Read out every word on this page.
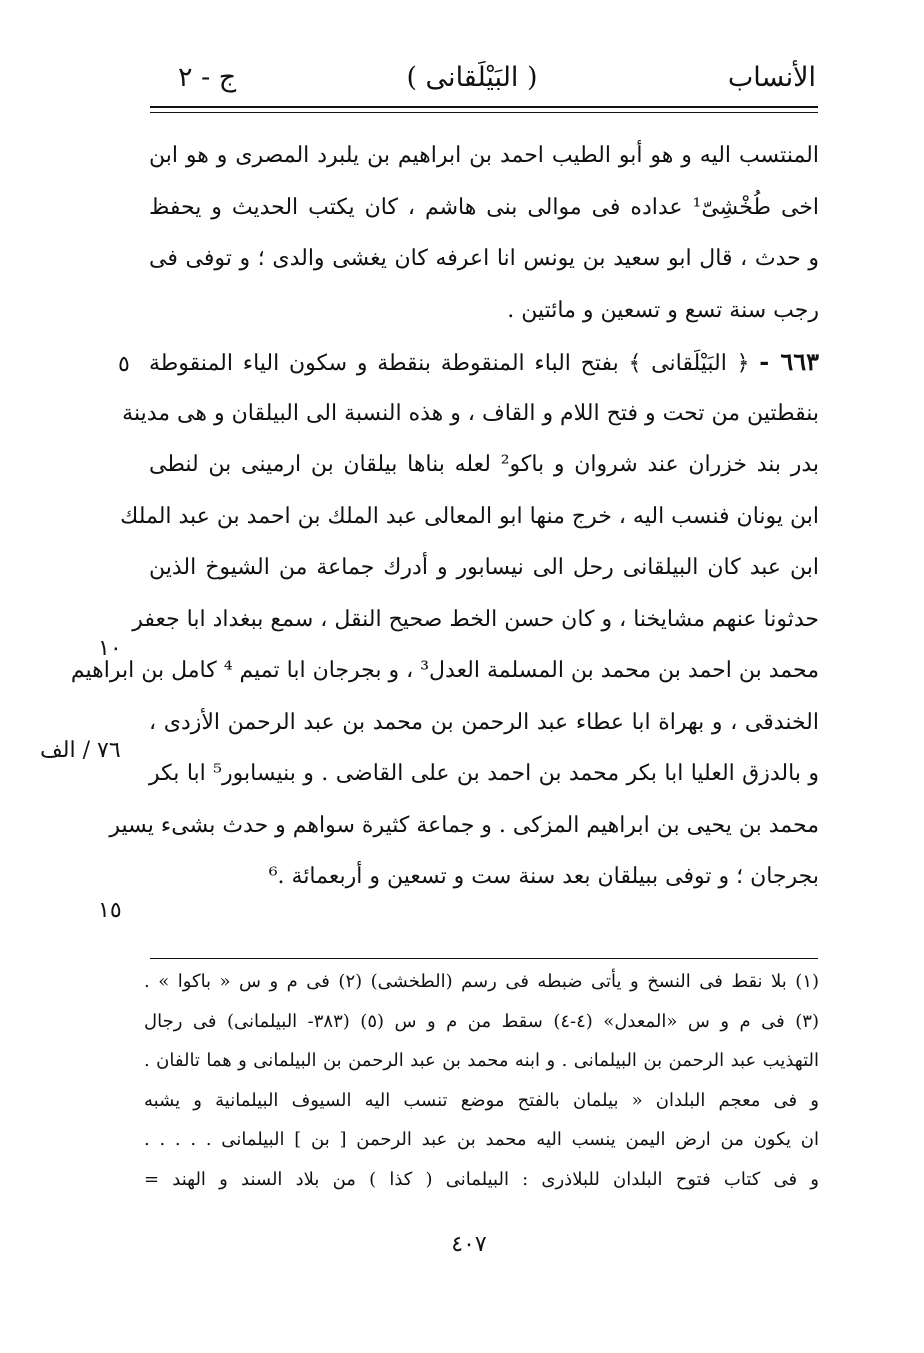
الأنساب
( البَيْلَقانى )
ج - ٢
المنتسب اليه و هو أبو الطيب احمد بن ابراهيم بن يلبرد المصرى و هو ابن
اخى طُخْشِىّ¹ عداده فى موالى بنى هاشم ، كان يكتب الحديث و يحفظ
و حدث ، قال ابو سعيد بن يونس انا اعرفه كان يغشى والدى ؛ و توفى فى
رجب سنة تسع و تسعين و مائتين .
٦٦٣ - ﴿ البَيْلَقانى ﴾ بفتح الباء المنقوطة بنقطة و سكون الياء المنقوطة
بنقطتين من تحت و فتح اللام و القاف ، و هذه النسبة الى البيلقان و هى مدينة
بدر بند خزران عند شروان و باكو² لعله بناها بيلقان بن ارمينى بن لنطى
ابن يونان فنسب اليه ، خرج منها ابو المعالى عبد الملك بن احمد بن عبد الملك
ابن عبد كان البيلقانى رحل الى نيسابور و أدرك جماعة من الشيوخ الذين
حدثونا عنهم مشايخنا ، و كان حسن الخط صحيح النقل ، سمع ببغداد ابا جعفر
محمد بن احمد بن محمد بن المسلمة العدل³ ، و بجرجان ابا تميم ⁴ كامل بن ابراهيم
الخندقى ، و بهراة ابا عطاء عبد الرحمن بن محمد بن عبد الرحمن الأزدى ،
و بالدزق العليا ابا بكر محمد بن احمد بن على القاضى . و بنيسابور⁵ ابا بكر
محمد بن يحيى بن ابراهيم المزكى . و جماعة كثيرة سواهم و حدث بشىء يسير
بجرجان ؛ و توفى ببيلقان بعد سنة ست و تسعين و أربعمائة .⁶
٥
١٠
٧٦ / الف
١٥
(١) بلا نقط فى النسخ و يأتى ضبطه فى رسم (الطخشى) (٢) فى م و س « باكوا » .
(٣) فى م و س «المعدل» (٤-٤) سقط من م و س (٥) (٣٨٣- البيلمانى) فى رجال
التهذيب عبد الرحمن بن البيلمانى . و ابنه محمد بن عبد الرحمن بن البيلمانى و هما تالفان .
و فى معجم البلدان « بيلمان بالفتح موضع تنسب اليه السيوف البيلمانية و يشبه
ان يكون من ارض اليمن ينسب اليه محمد بن عبد الرحمن [ بن ] البيلمانى . . . . .
و فى كتاب فتوح البلدان للبلاذرى : البيلمانى ( كذا ) من بلاد السند و الهند =
٤٠٧
